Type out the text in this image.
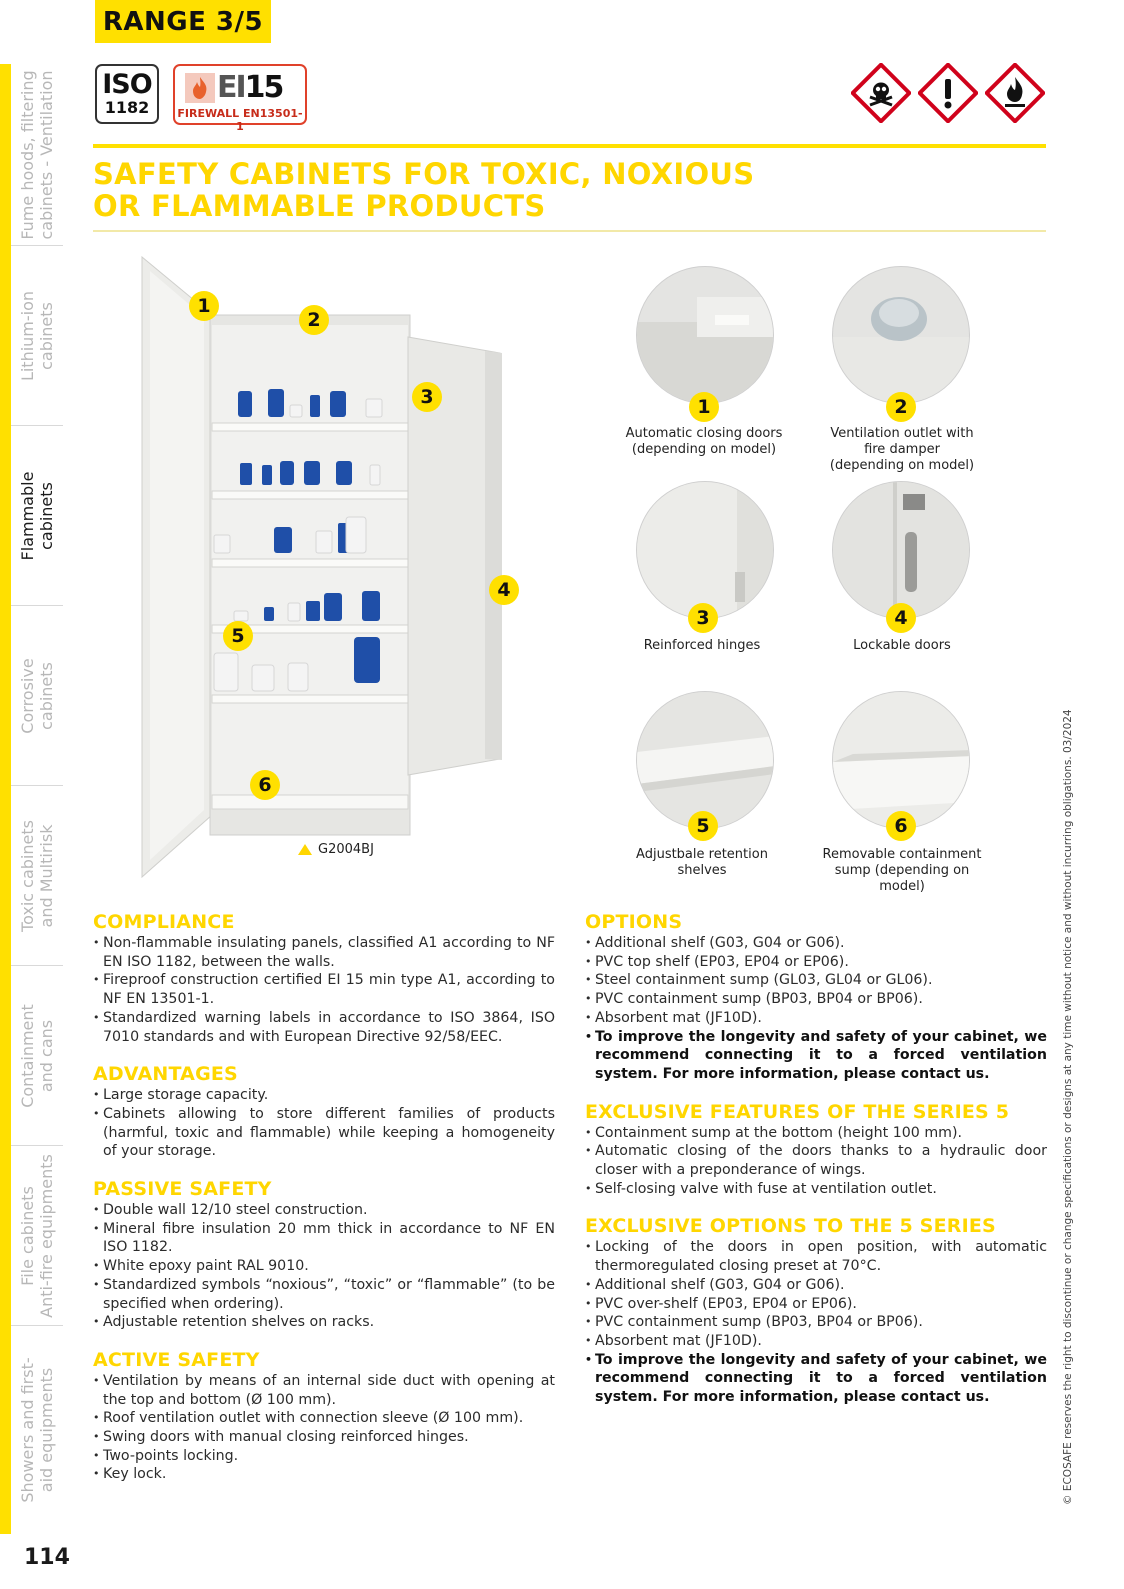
RANGE 3/5
Fume hoods, filtering
cabinets - Ventilation
Lithium-ion
cabinets
Flammable
cabinets
Corrosive
cabinets
Toxic cabinets
and Multirisk
Containment
and cans
File cabinets
Anti-fire equipments
Showers and first-
aid equipments
114
ISO
1182
EI 15
FIREWALL EN13501-1
SAFETY CABINETS FOR TOXIC, NOXIOUS
OR FLAMMABLE PRODUCTS
1
2
3
4
5
6
G2004BJ
1
Automatic closing doors (depending on model)
2
Ventilation outlet with fire damper (depending on model)
3
Reinforced hinges
4
Lockable doors
5
Adjustbale retention shelves
6
Removable containment sump (depending on model)
COMPLIANCE
• Non-flammable insulating panels, classified A1 according to NF EN ISO 1182, between the walls.
• Fireproof construction certified EI 15 min type A1, according to NF EN 13501-1.
• Standardized warning labels in accordance to ISO 3864, ISO 7010 standards and with European Directive 92/58/EEC.
ADVANTAGES
• Large storage capacity.
• Cabinets allowing to store different families of products (harmful, toxic and flammable) while keeping a homogeneity of your storage.
PASSIVE SAFETY
• Double wall 12/10 steel construction.
• Mineral fibre insulation 20 mm thick in accordance to NF EN ISO 1182.
• White epoxy paint RAL 9010.
• Standardized symbols “noxious”, “toxic” or “flammable” (to be specified when ordering).
• Adjustable retention shelves on racks.
ACTIVE SAFETY
• Ventilation by means of an internal side duct with opening at the top and bottom (Ø 100 mm).
• Roof ventilation outlet with connection sleeve (Ø 100 mm).
• Swing doors with manual closing reinforced hinges.
• Two-points locking.
• Key lock.
OPTIONS
• Additional shelf (G03, G04 or G06).
• PVC top shelf (EP03, EP04 or EP06).
• Steel containment sump (GL03, GL04 or GL06).
• PVC containment sump (BP03, BP04 or BP06).
• Absorbent mat (JF10D).
• To improve the longevity and safety of your cabinet, we recommend connecting it to a forced ventilation system. For more information, please contact us.
EXCLUSIVE FEATURES OF THE SERIES 5
• Containment sump at the bottom (height 100 mm).
• Automatic closing of the doors thanks to a hydraulic door closer with a preponderance of wings.
• Self-closing valve with fuse at ventilation outlet.
EXCLUSIVE OPTIONS TO THE 5 SERIES
• Locking of the doors in open position, with automatic thermoregulated closing preset at 70°C.
• Additional shelf (G03, G04 or G06).
• PVC over-shelf (EP03, EP04 or EP06).
• PVC containment sump (BP03, BP04 or BP06).
• Absorbent mat (JF10D).
• To improve the longevity and safety of your cabinet, we recommend connecting it to a forced ventilation system. For more information, please contact us.	© ECOSAFE reserves the right to discontinue or change specifications or designs at any time without notice and without incurring obligations. 03/2024
